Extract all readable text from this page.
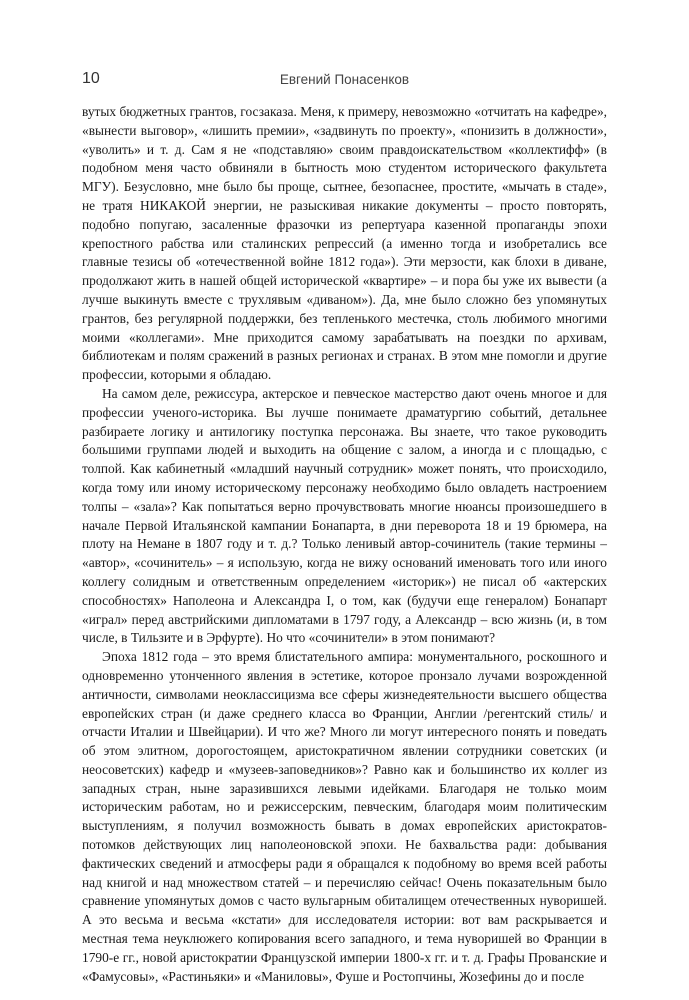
10	Евгений Понасенков

вутых бюджетных грантов, госзаказа. Меня, к примеру, невозможно «отчитать на кафедре», «вынести выговор», «лишить премии», «задвинуть по проекту», «понизить в должности», «уволить» и т. д. Сам я не «подставляю» своим правдоискательством «коллектифф» (в подобном меня часто обвиняли в бытность мою студентом исторического факультета МГУ). Безусловно, мне было бы проще, сытнее, безопаснее, простите, «мычать в стаде», не тратя НИКАКОЙ энергии, не разыскивая никакие документы – просто повторять, подобно попугаю, засаленные фразочки из репертуара казенной пропаганды эпохи крепостного рабства или сталинских репрессий (а именно тогда и изобретались все главные тезисы об «отечественной войне 1812 года»). Эти мерзости, как блохи в диване, продолжают жить в нашей общей исторической «квартире» – и пора бы уже их вывести (а лучше выкинуть вместе с трухлявым «диваном»). Да, мне было сложно без упомянутых грантов, без регулярной поддержки, без тепленького местечка, столь любимого многими моими «коллегами». Мне приходится самому зарабатывать на поездки по архивам, библиотекам и полям сражений в разных регионах и странах. В этом мне помогли и другие профессии, которыми я обладаю.

На самом деле, режиссура, актерское и певческое мастерство дают очень многое и для профессии ученого-историка. Вы лучше понимаете драматургию событий, детальнее разбираете логику и антилогику поступка персонажа. Вы знаете, что такое руководить большими группами людей и выходить на общение с залом, а иногда и с площадью, с толпой. Как кабинетный «младший научный сотрудник» может понять, что происходило, когда тому или иному историческому персонажу необходимо было овладеть настроением толпы – «зала»? Как попытаться верно прочувствовать многие нюансы произошедшего в начале Первой Итальянской кампании Бонапарта, в дни переворота 18 и 19 брюмера, на плоту на Немане в 1807 году и т. д.? Только ленивый автор-сочинитель (такие термины – «автор», «сочинитель» – я использую, когда не вижу оснований именовать того или иного коллегу солидным и ответственным определением «историк») не писал об «актерских способностях» Наполеона и Александра I, о том, как (будучи еще генералом) Бонапарт «играл» перед австрийскими дипломатами в 1797 году, а Александр – всю жизнь (и, в том числе, в Тильзите и в Эрфурте). Но что «сочинители» в этом понимают?

Эпоха 1812 года – это время блистательного ампира: монументального, роскошного и одновременно утонченного явления в эстетике, которое пронзало лучами возрожденной античности, символами неоклассицизма все сферы жизнедеятельности высшего общества европейских стран (и даже среднего класса во Франции, Англии /регентский стиль/ и отчасти Италии и Швейцарии). И что же? Много ли могут интересного понять и поведать об этом элитном, дорогостоящем, аристократичном явлении сотрудники советских (и неосоветских) кафедр и «музеев-заповедников»? Равно как и большинство их коллег из западных стран, ныне заразившихся левыми идейками. Благодаря не только моим историческим работам, но и режиссерским, певческим, благодаря моим политическим выступлениям, я получил возможность бывать в домах европейских аристократов-потомков действующих лиц наполеоновской эпохи. Не бахвальства ради: добывания фактических сведений и атмосферы ради я обращался к подобному во время всей работы над книгой и над множеством статей – и перечисляю сейчас! Очень показательным было сравнение упомянутых домов с часто вульгарным обиталищем отечественных нуворишей. А это весьма и весьма «кстати» для исследователя истории: вот вам раскрывается и местная тема неуклюжего копирования всего западного, и тема нуворишей во Франции в 1790-е гг., новой аристократии Французской империи 1800-х гг. и т. д. Графы Прованские и «Фамусовы», «Растиньяки» и «Маниловы», Фуше и Ростопчины, Жозефины до и после
